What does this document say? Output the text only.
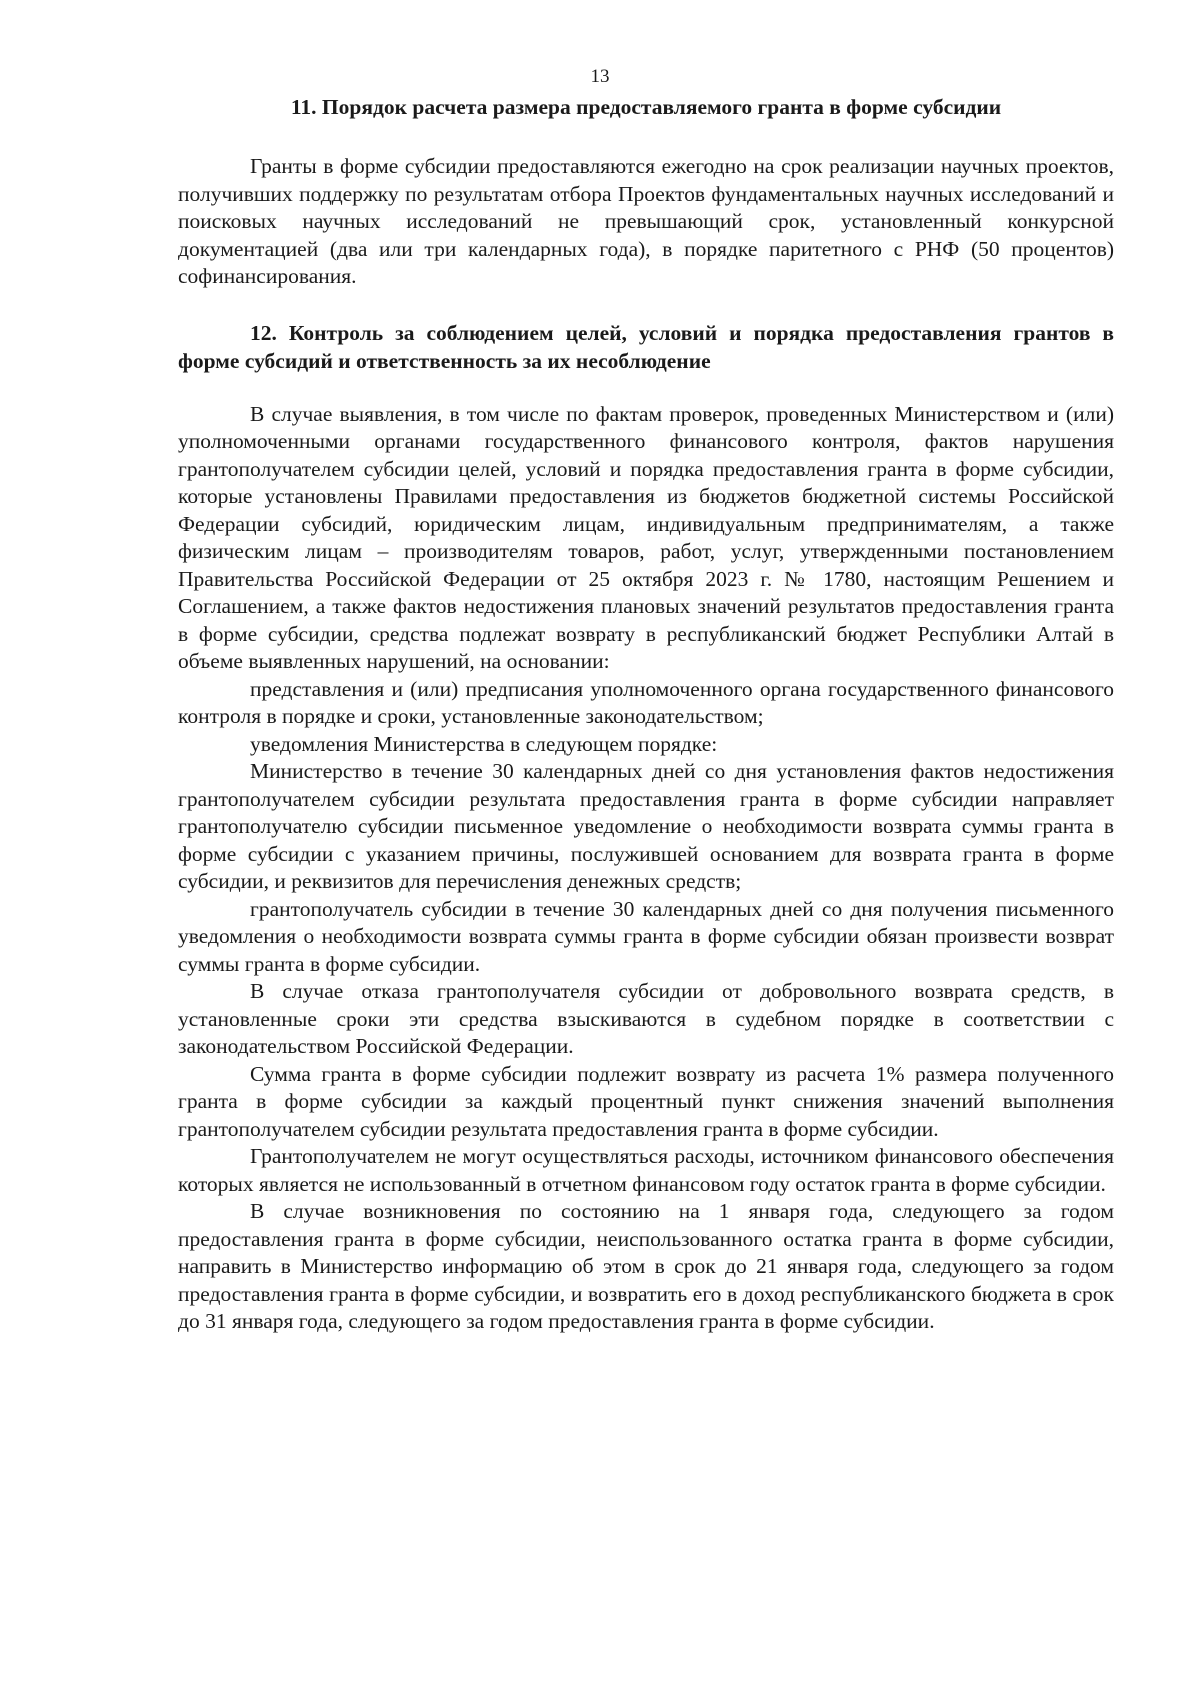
13
11. Порядок расчета размера предоставляемого гранта в форме субсидии

Гранты в форме субсидии предоставляются ежегодно на срок реализации научных проектов, получивших поддержку по результатам отбора Проектов фундаментальных научных исследований и поисковых научных исследований не превышающий срок, установленный конкурсной документацией (два или три календарных года), в порядке паритетного с РНФ (50 процентов) софинансирования.

12. Контроль за соблюдением целей, условий и порядка предоставления грантов в форме субсидий и ответственность за их несоблюдение

В случае выявления, в том числе по фактам проверок, проведенных Министерством и (или) уполномоченными органами государственного финансового контроля, фактов нарушения грантополучателем субсидии целей, условий и порядка предоставления гранта в форме субсидии, которые установлены Правилами предоставления из бюджетов бюджетной системы Российской Федерации субсидий, юридическим лицам, индивидуальным предпринимателям, а также физическим лицам – производителям товаров, работ, услуг, утвержденными постановлением Правительства Российской Федерации от 25 октября 2023 г. № 1780, настоящим Решением и Соглашением, а также фактов недостижения плановых значений результатов предоставления гранта в форме субсидии, средства подлежат возврату в республиканский бюджет Республики Алтай в объеме выявленных нарушений, на основании:

представления и (или) предписания уполномоченного органа государственного финансового контроля в порядке и сроки, установленные законодательством;

уведомления Министерства в следующем порядке:

Министерство в течение 30 календарных дней со дня установления фактов недостижения грантополучателем субсидии результата предоставления гранта в форме субсидии направляет грантополучателю субсидии письменное уведомление о необходимости возврата суммы гранта в форме субсидии с указанием причины, послужившей основанием для возврата гранта в форме субсидии, и реквизитов для перечисления денежных средств;

грантополучатель субсидии в течение 30 календарных дней со дня получения письменного уведомления о необходимости возврата суммы гранта в форме субсидии обязан произвести возврат суммы гранта в форме субсидии.

В случае отказа грантополучателя субсидии от добровольного возврата средств, в установленные сроки эти средства взыскиваются в судебном порядке в соответствии с законодательством Российской Федерации.

Сумма гранта в форме субсидии подлежит возврату из расчета 1% размера полученного гранта в форме субсидии за каждый процентный пункт снижения значений выполнения грантополучателем субсидии результата предоставления гранта в форме субсидии.

Грантополучателем не могут осуществляться расходы, источником финансового обеспечения которых является не использованный в отчетном финансовом году остаток гранта в форме субсидии.

В случае возникновения по состоянию на 1 января года, следующего за годом предоставления гранта в форме субсидии, неиспользованного остатка гранта в форме субсидии, направить в Министерство информацию об этом в срок до 21 января года, следующего за годом предоставления гранта в форме субсидии, и возвратить его в доход республиканского бюджета в срок до 31 января года, следующего за годом предоставления гранта в форме субсидии.
